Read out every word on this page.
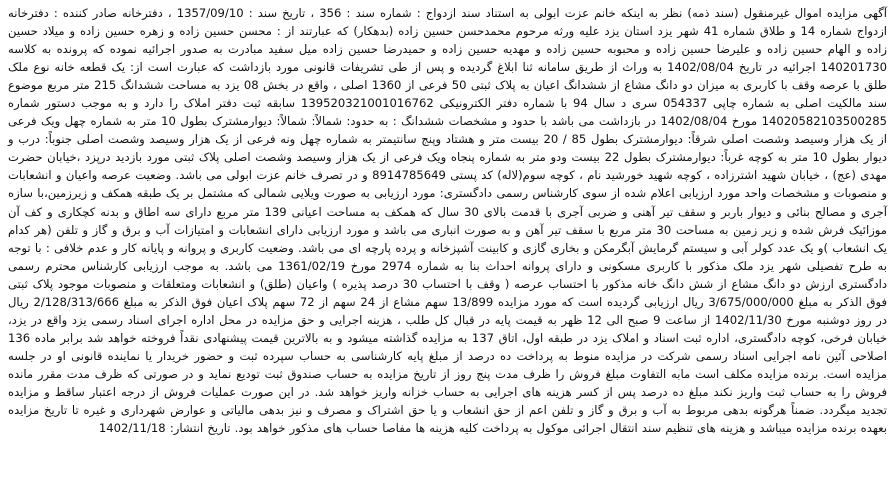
آگهی مزایده اموال غیرمنقول (سند ذمه) نظر به اینکه خانم عزت ابولی به استناد سند ازدواج : شماره سند : 356 ، تاریخ سند : 1357/09/10 ، دفترخانه صادر کننده : دفترخانه ازدواج شماره 14 و طلاق شماره 41 شهر یزد استان یزد علیه ورثه مرحوم محمدحسن حسین زاده (بدهکار) که عبارتند از : محسن حسین زاده و زهره حسین زاده و میلاد حسین زاده و الهام حسین زاده و علیرضا حسین زاده و محبوبه حسین زاده و مهدیه حسین زاده و حمیدرضا حسین زاده میل سفید مبادرت به صدور اجرائیه نموده که پرونده به کلاسه 140201730 اجرائیه در تاریخ 1402/08/04 به وراث از طریق سامانه ثنا ابلاغ گردیده و پس از طی تشریفات قانونی مورد بازداشت که عبارت است از: یک قطعه خانه نوع ملک طلق با عرصه وقف با کاربری به میزان دو دانگ مشاع از ششدانگ اعیان به پلاک ثبتی 50 فرعی از 1360 اصلی ، واقع در بخش 08 یزد به مساحت ششدانگ 215 متر مربع موضوع سند مالکیت اصلی به شماره چاپی 054337 سری د سال 94 با شماره دفتر الکترونیکی 139520321001016762 سابقه ثبت دفتر املاک را دارد و به موجب دستور شماره 14020582103500285 مورخ 1402/08/04 در بازداشت می باشد با حدود و مشخصات ششدانگ : به حدود: شمالاً: شمالاً: دیوارمشترک بطول 10 متر به شماره چهل ویک فرعی از یک هزار وسیصد وشصت اصلی شرقاً: دیوارمشترک بطول 85 / 20 بیست متر و هشتاد وپنج سانتیمتر به شماره چهل ونه فرعی از یک هزار وسیصد وشصت اصلی جنوباً: درب و دیوار بطول 10 متر به کوچه غرباً: دیوارمشترک بطول 22 بیست ودو متر به شماره پنجاه ویک فرعی از یک هزار وسیصد وشصت اصلی پلاک ثبتی مورد بازدید درپزد ،خیابان حضرت مهدی (عج) ، خیابان شهید اشترزاده ، کوچه شهید خورشید نام ، کوچه سوم(لاله) کد پستی 8914785649 و در تصرف خانم عزت ابولی می باشد. وضعیت عرصه واعیان و انشعابات و منصوبات و مشخصات واحد مورد ارزیابی اعلام شده از سوی کارشناس رسمی دادگستری: مورد ارزیابی به صورت ویلایی شمالی که مشتمل بر یک طبقه همکف و زیرزمین،با سازه آجری و مصالح بنائی و دیوار باربر و سقف تیر آهنی و ضربی آجری با قدمت بالای 30 سال که همکف به مساحت اعیانی 139 متر مربع دارای سه اطاق و بدنه کچکاری و کف آن موزائیک فرش شده و زیر زمین به مساحت 30 متر مربع با سقف تیر آهن و به صورت انباری می باشد و مورد ارزیابی دارای انشعابات و امتیازات آب و برق و گاز و تلفن (هر کدام یک انشعاب )و یک عدد کولر آبی و سیستم گرمایش آبگرمکن و بخاری گازی و کابینت آشپزخانه و پرده پارچه ای می باشد. وضعیت کاربری و پروانه و پایانه کار و عدم خلافی : با توجه به طرح تفصیلی شهر یزد ملک مذکور با کاربری مسکونی و دارای پروانه احداث بنا به شماره 2974 مورخ 1361/02/19 می باشد. به موجب ارزیابی کارشناس محترم رسمی دادگستری ارزش دو دانگ مشاع از شش دانگ خانه مذکور با احتساب عرصه ( وقف با احتساب 30 درصد پذیره ) واعیان (طلق) و انشعابات ومتعلقات و منصوبات موجود پلاک ثبتی فوق الذکر به مبلغ 3/675/000/000 ریال ارزیابی گردیده است که مورد مزایده 13/899 سهم مشاع از 24 سهم از 72 سهم پلاک اعیان فوق الذکر به مبلغ 2/128/313/666 ریال در روز دوشنبه مورخ 1402/11/30 از ساعت 9 صبح الی 12 ظهر به قیمت پایه در قبال کل طلب ، هزینه اجرایی و حق مزایده در محل اداره اجرای اسناد رسمی یزد واقع در یزد، خیابان فرخی، کوچه دادگستری، اداره ثبت اسناد و املاک یزد در طبقه اول، اتاق 137 به مزایده گذاشته میشود و به بالاترین قیمت پیشنهادی نقداً فروخته خواهد شد برابر ماده 136 اصلاحی آئین نامه اجرایی اسناد رسمی شرکت در مزایده منوط به پرداخت ده درصد از مبلغ پایه کارشناسی به حساب سپرده ثبت و حضور خریدار یا نماینده قانونی او در جلسه مزایده است. برنده مزایده مکلف است مابه التفاوت مبلغ فروش را ظرف مدت پنج روز از تاریخ مزایده به حساب صندوق ثبت تودیع نماید و در صورتی که ظرف مدت مقرر مانده فروش را به حساب ثبت واریز نکند مبلغ ده درصد پس از کسر هزینه های اجرایی به حساب خزانه واریز خواهد شد. در این صورت عملیات فروش از درجه اعتبار ساقط و مزایده تجدید میگردد. ضمناً هرگونه بدهی مربوط به آب و برق و گاز و تلفن اعم از حق انشعاب و یا حق اشتراک و مصرف و نیز بدهی مالیاتی و عوارض شهرداری و غیره تا تاریخ مزایده بعهده برنده مزایده میباشد و هزینه های تنظیم سند انتقال اجرائی موکول به پرداخت کلیه هزینه ها مفاصا حساب های مذکور خواهد بود. تاریخ انتشار: 1402/11/18
